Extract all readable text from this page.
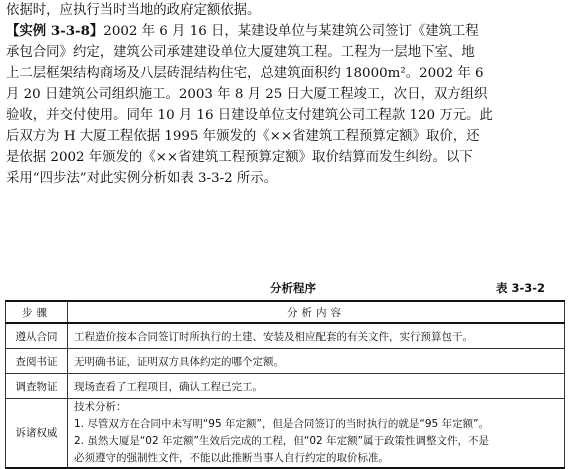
依据时，应执行当时当地的政府定额依据。
【实例 3-3-8】2002 年 6 月 16 日，某建设单位与某建筑公司签订《建筑工程
承包合同》约定，建筑公司承建建设单位大厦建筑工程。工程为一层地下室、地
上二层框架结构商场及八层砖混结构住宅，总建筑面积约 18000m²。2002 年 6
月 20 日建筑公司组织施工。2003 年 8 月 25 日大厦工程竣工，次日，双方组织
验收，并交付使用。同年 10 月 16 日建设单位支付建筑公司工程款 120 万元。此
后双方为 H 大厦工程依据 1995 年颁发的《××省建筑工程预算定额》取价，还
是依据 2002 年颁发的《××省建筑工程预算定额》取价结算而发生纠纷。以下
采用“四步法”对此实例分析如表 3-3-2 所示。
分析程序	表 3-3-2
步骤	分析内容
遵从合同	工程造价按本合同签订时所执行的土建、安装及相应配套的有关文件，实行预算包干。
查阅书证	无明确书证，证明双方具体约定的哪个定额。
调查物证	现场查看了工程项目，确认工程已完工。
诉诸权威	技术分析：
1. 尽管双方在合同中未写明“95 年定额”，但是合同签订的当时执行的就是“95 年定额”。
2. 虽然大厦是“02 年定额”生效后完成的工程，但“02 年定额”属于政策性调整文件，不是
必须遵守的强制性文件，不能以此推断当事人自行约定的取价标准。
